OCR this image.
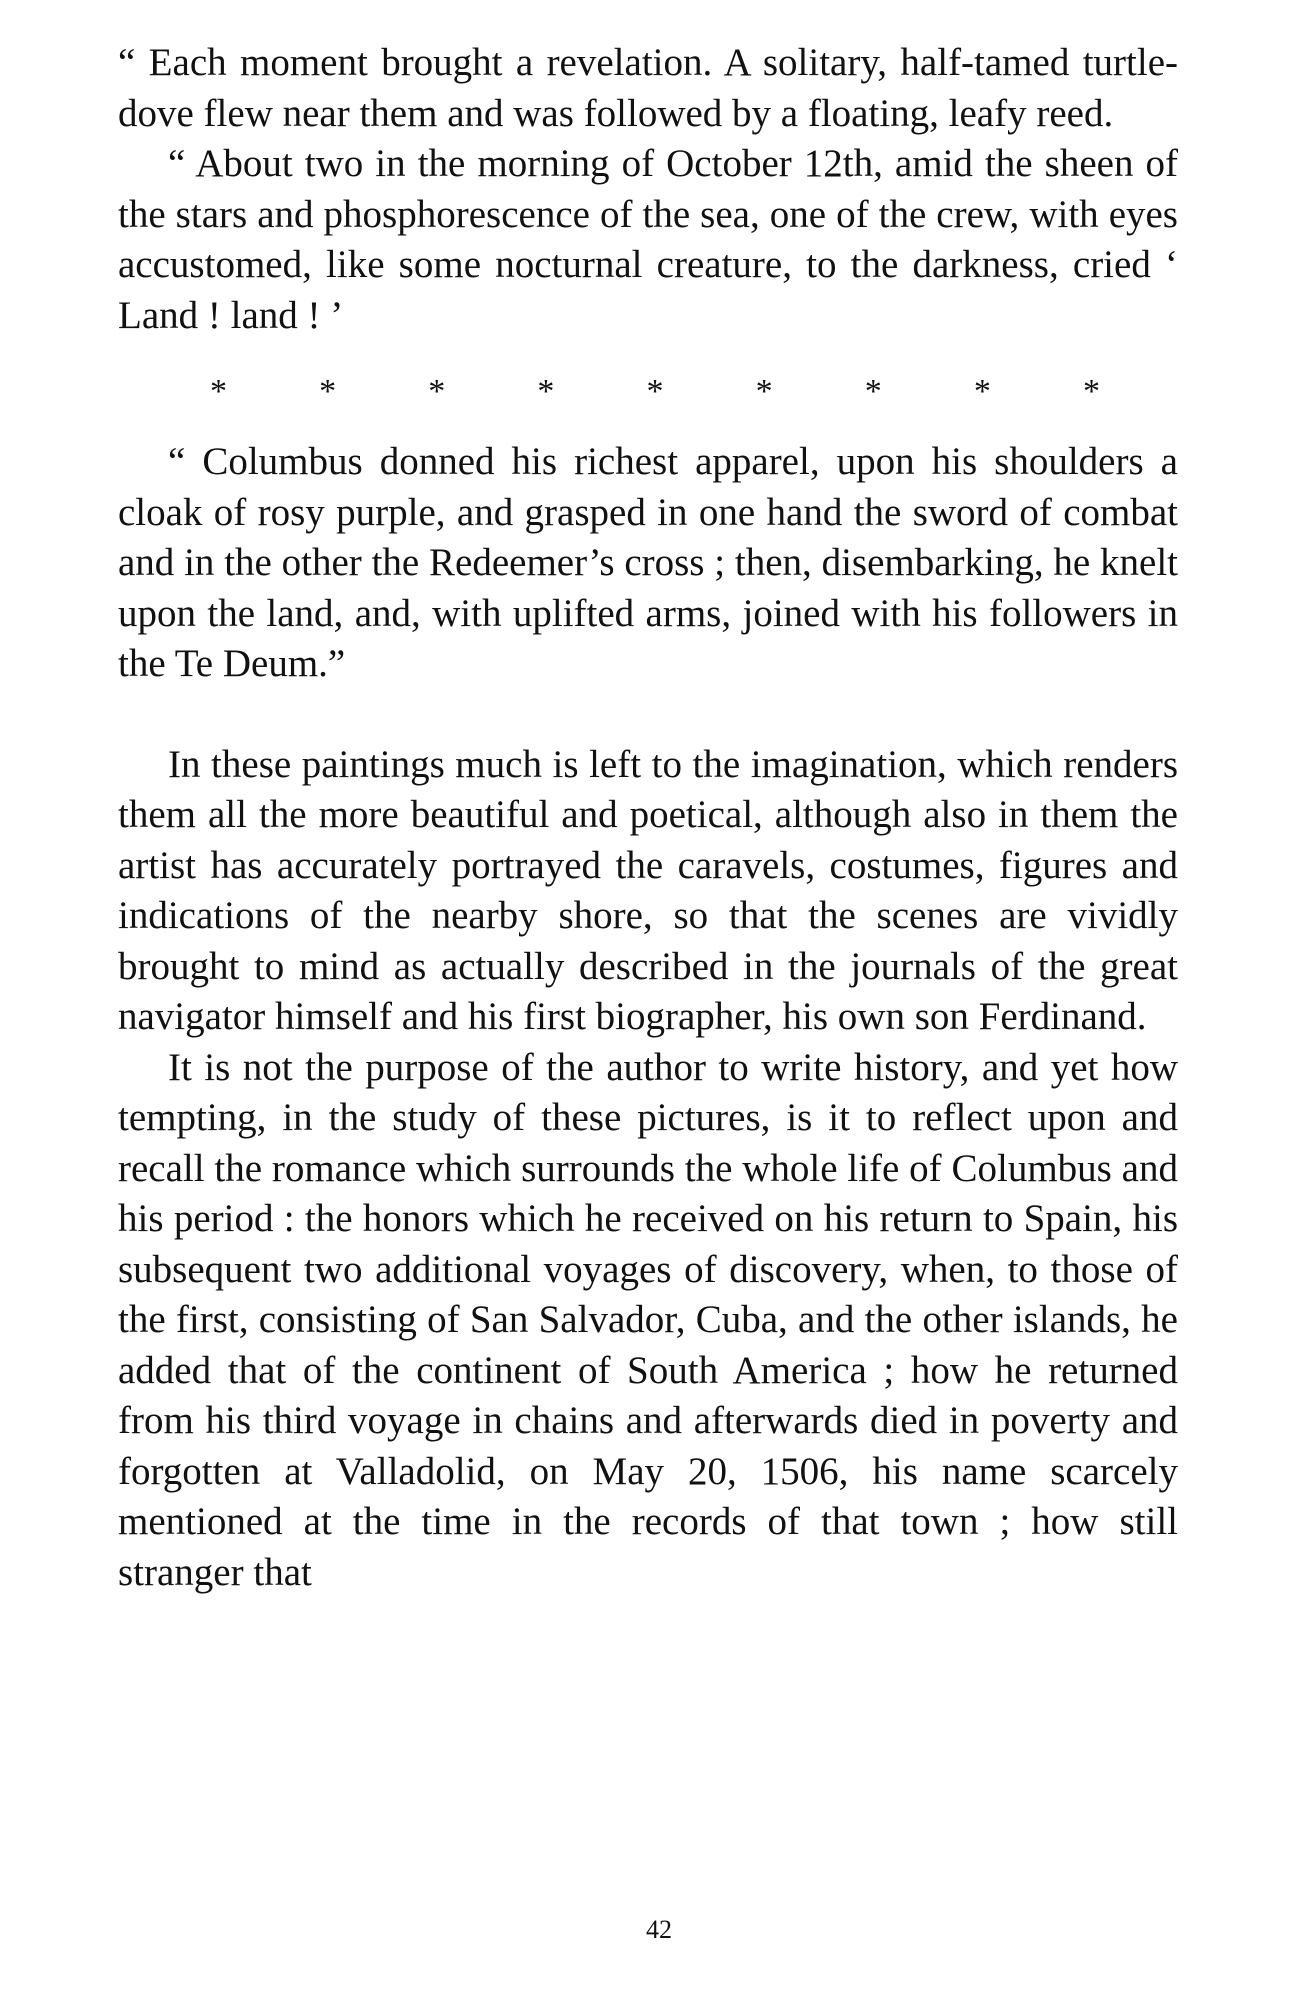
“ Each moment brought a revelation. A solitary, half-tamed turtle-dove flew near them and was followed by a floating, leafy reed.

“ About two in the morning of October 12th, amid the sheen of the stars and phosphorescence of the sea, one of the crew, with eyes accustomed, like some nocturnal creature, to the darkness, cried ‘ Land ! land ! ’

*	*	*	*	*	*	*	*	*

“ Columbus donned his richest apparel, upon his shoulders a cloak of rosy purple, and grasped in one hand the sword of combat and in the other the Redeemer’s cross ; then, disembarking, he knelt upon the land, and, with uplifted arms, joined with his followers in the Te Deum.”

In these paintings much is left to the imagination, which renders them all the more beautiful and poetical, although also in them the artist has accurately portrayed the caravels, costumes, figures and indications of the nearby shore, so that the scenes are vividly brought to mind as actually described in the journals of the great navigator himself and his first biographer, his own son Ferdinand.

It is not the purpose of the author to write history, and yet how tempting, in the study of these pictures, is it to reflect upon and recall the romance which surrounds the whole life of Columbus and his period : the honors which he received on his return to Spain, his subsequent two additional voyages of discovery, when, to those of the first, consisting of San Salvador, Cuba, and the other islands, he added that of the continent of South America ; how he returned from his third voyage in chains and afterwards died in poverty and forgotten at Valladolid, on May 20, 1506, his name scarcely mentioned at the time in the records of that town ; how still stranger that

42
